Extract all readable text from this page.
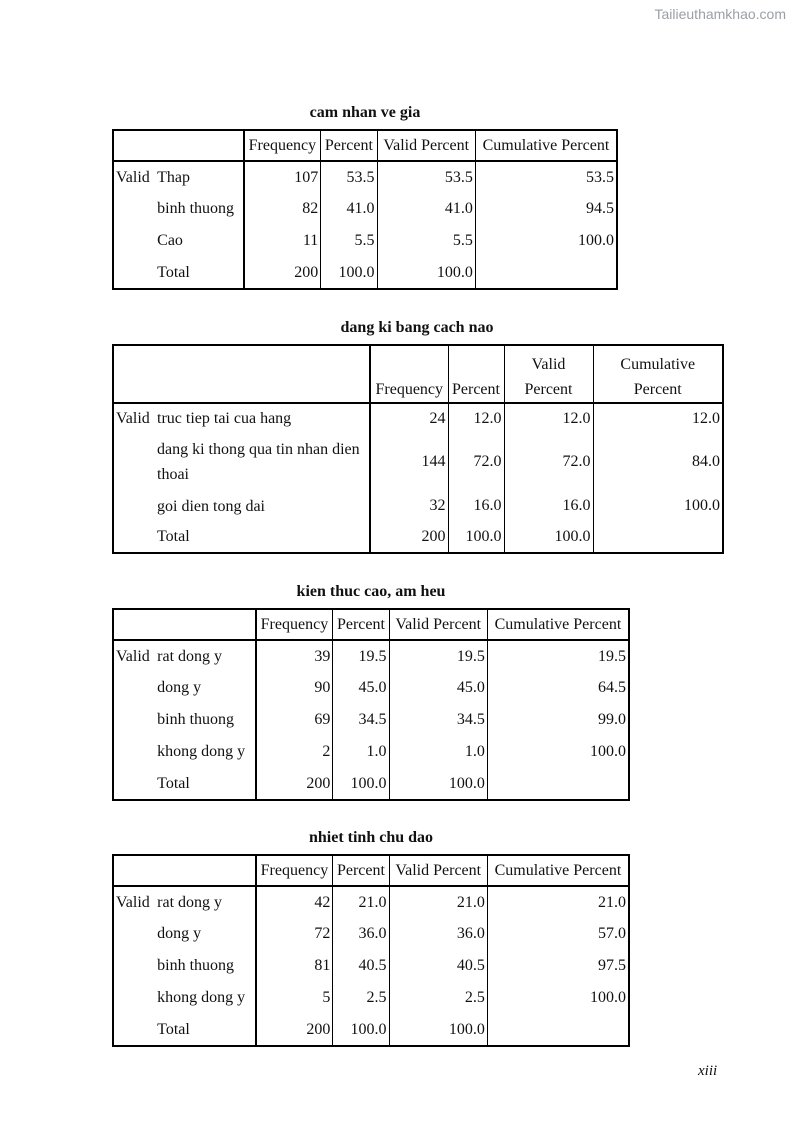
Tailieuthamkhao.com
cam nhan ve gia
		Frequency	Percent	Valid Percent	Cumulative Percent
Valid	Thap	107	53.5	53.5	53.5
	binh thuong	82	41.0	41.0	94.5
	Cao	11	5.5	5.5	100.0
	Total	200	100.0	100.0	
dang ki bang cach nao
		Frequency	Percent	Valid Percent	Cumulative Percent
Valid	truc tiep tai cua hang	24	12.0	12.0	12.0
	dang ki thong qua tin nhan dien thoai	144	72.0	72.0	84.0
	goi dien tong dai	32	16.0	16.0	100.0
	Total	200	100.0	100.0	
kien thuc cao, am heu
		Frequency	Percent	Valid Percent	Cumulative Percent
Valid	rat dong y	39	19.5	19.5	19.5
	dong y	90	45.0	45.0	64.5
	binh thuong	69	34.5	34.5	99.0
	khong dong y	2	1.0	1.0	100.0
	Total	200	100.0	100.0	
nhiet tinh chu dao
		Frequency	Percent	Valid Percent	Cumulative Percent
Valid	rat dong y	42	21.0	21.0	21.0
	dong y	72	36.0	36.0	57.0
	binh thuong	81	40.5	40.5	97.5
	khong dong y	5	2.5	2.5	100.0
	Total	200	100.0	100.0	
xiii
